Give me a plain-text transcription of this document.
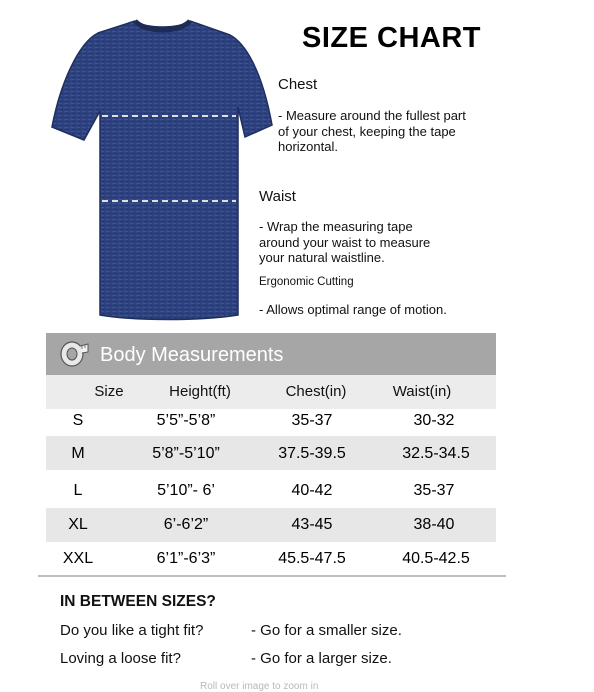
SIZE CHART
Chest
- Measure around the fullest part
of your chest, keeping the tape
horizontal.
Waist
- Wrap the measuring tape
around your waist to measure
your natural waistline.
Ergonomic Cutting
- Allows optimal range of motion.
Body Measurements
Size	Height(ft)	Chest(in)	Waist(in)
S	5’5”-5’8”	35-37	30-32
M	5’8”-5’10”	37.5-39.5	32.5-34.5
L	5’10”- 6’	40-42	35-37
XL	6’-6’2”	43-45	38-40
XXL	6’1”-6’3”	45.5-47.5	40.5-42.5
IN BETWEEN SIZES?
Do you like a tight fit?	- Go for a smaller size.
Loving a loose fit?	- Go for a larger size.
Roll over image to zoom in
